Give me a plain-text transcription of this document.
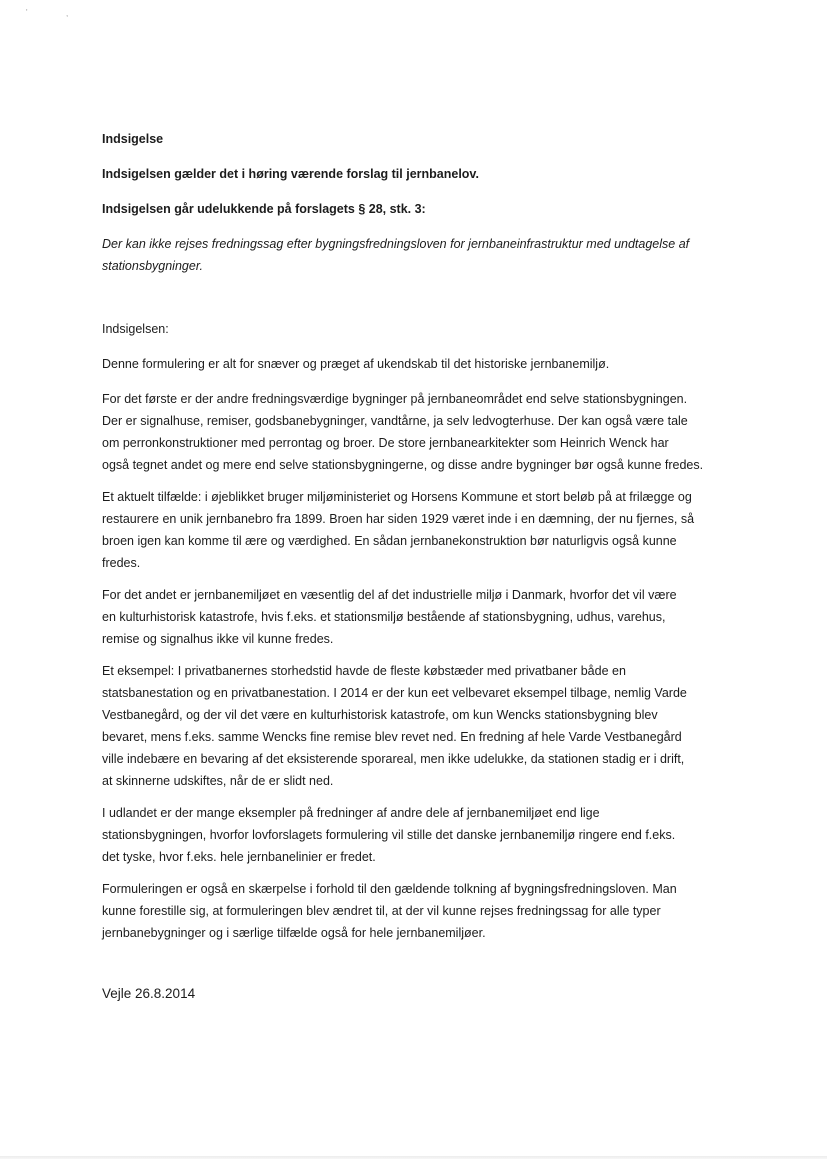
'	,
Indsigelse
Indsigelsen gælder det i høring værende forslag til jernbanelov.
Indsigelsen går udelukkende på forslagets § 28, stk. 3:
Der kan ikke rejses fredningssag efter bygningsfredningsloven for jernbaneinfrastruktur med undtagelse af
stationsbygninger.
Indsigelsen:
Denne formulering er alt for snæver og præget af ukendskab til det historiske jernbanemiljø.
For det første er der andre fredningsværdige bygninger på jernbaneområdet end selve stationsbygningen.
Der er signalhuse, remiser, godsbanebygninger, vandtårne, ja selv ledvogterhuse. Der kan også være tale
om perronkonstruktioner med perrontag og broer. De store jernbanearkitekter som Heinrich Wenck har
også tegnet andet og mere end selve stationsbygningerne, og disse andre bygninger bør også kunne fredes.
Et aktuelt tilfælde: i øjeblikket bruger miljøministeriet og Horsens Kommune et stort beløb på at frilægge og
restaurere en unik jernbanebro fra 1899. Broen har siden 1929 været inde i en dæmning, der nu fjernes, så
broen igen kan komme til ære og værdighed. En sådan jernbanekonstruktion bør naturligvis også kunne
fredes.
For det andet er jernbanemiljøet en væsentlig del af det industrielle miljø i Danmark, hvorfor det vil være
en kulturhistorisk katastrofe, hvis f.eks. et stationsmiljø bestående af stationsbygning, udhus, varehus,
remise og signalhus ikke vil kunne fredes.
Et eksempel: I privatbanernes storhedstid havde de fleste købstæder med privatbaner både en
statsbanestation og en privatbanestation. I 2014 er der kun eet velbevaret eksempel tilbage, nemlig Varde
Vestbanegård, og der vil det være en kulturhistorisk katastrofe, om kun Wencks stationsbygning blev
bevaret, mens f.eks. samme Wencks fine remise blev revet ned. En fredning af hele Varde Vestbanegård
ville indebære en bevaring af det eksisterende sporareal, men ikke udelukke, da stationen stadig er i drift,
at skinnerne udskiftes, når de er slidt ned.
I udlandet er der mange eksempler på fredninger af andre dele af jernbanemiljøet end lige
stationsbygningen, hvorfor lovforslagets formulering vil stille det danske jernbanemiljø ringere end f.eks.
det tyske, hvor f.eks. hele jernbanelinier er fredet.
Formuleringen er også en skærpelse i forhold til den gældende tolkning af bygningsfredningsloven. Man
kunne forestille sig, at formuleringen blev ændret til, at der vil kunne rejses fredningssag for alle typer
jernbanebygninger og i særlige tilfælde også for hele jernbanemiljøer.
Vejle 26.8.2014
